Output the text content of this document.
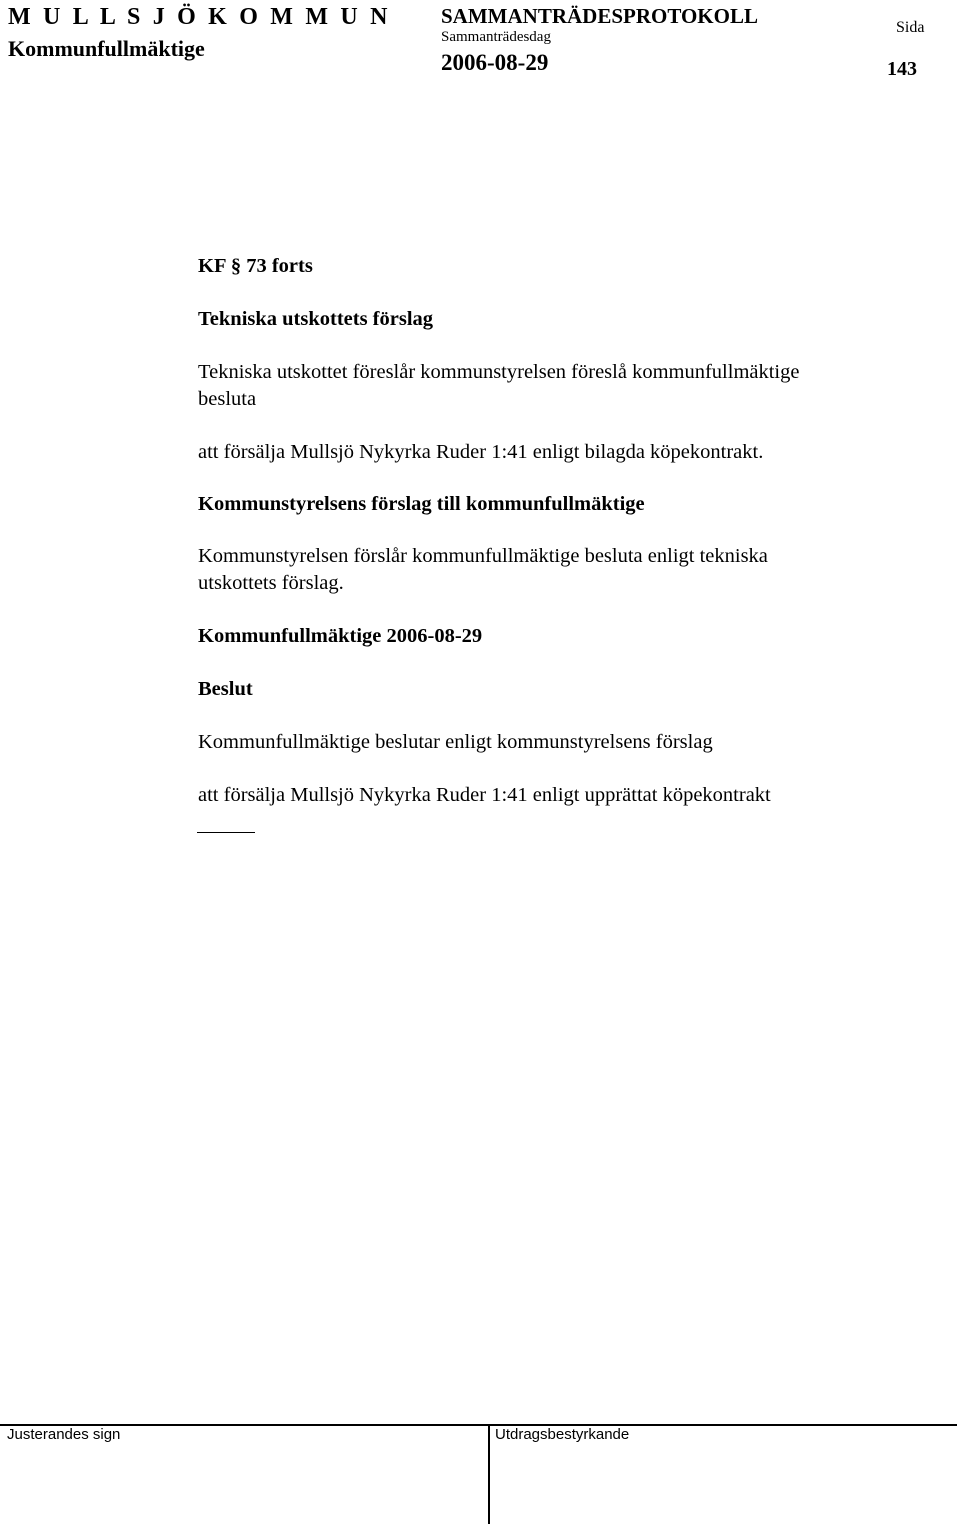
M U L L S J Ö K O M M U N
Kommunfullmäktige
SAMMANTRÄDESPROTOKOLL
Sammanträdesdag
2006-08-29
Sida
143
KF § 73 forts
Tekniska utskottets förslag
Tekniska utskottet föreslår kommunstyrelsen föreslå kommunfullmäktige
besluta
att försälja Mullsjö Nykyrka Ruder 1:41 enligt bilagda köpekontrakt.
Kommunstyrelsens förslag till kommunfullmäktige
Kommunstyrelsen förslår kommunfullmäktige besluta enligt tekniska
utskottets förslag.
Kommunfullmäktige 2006-08-29
Beslut
Kommunfullmäktige beslutar enligt kommunstyrelsens förslag
att försälja Mullsjö Nykyrka Ruder 1:41 enligt upprättat köpekontrakt
Justerandes sign	Utdragsbestyrkande
